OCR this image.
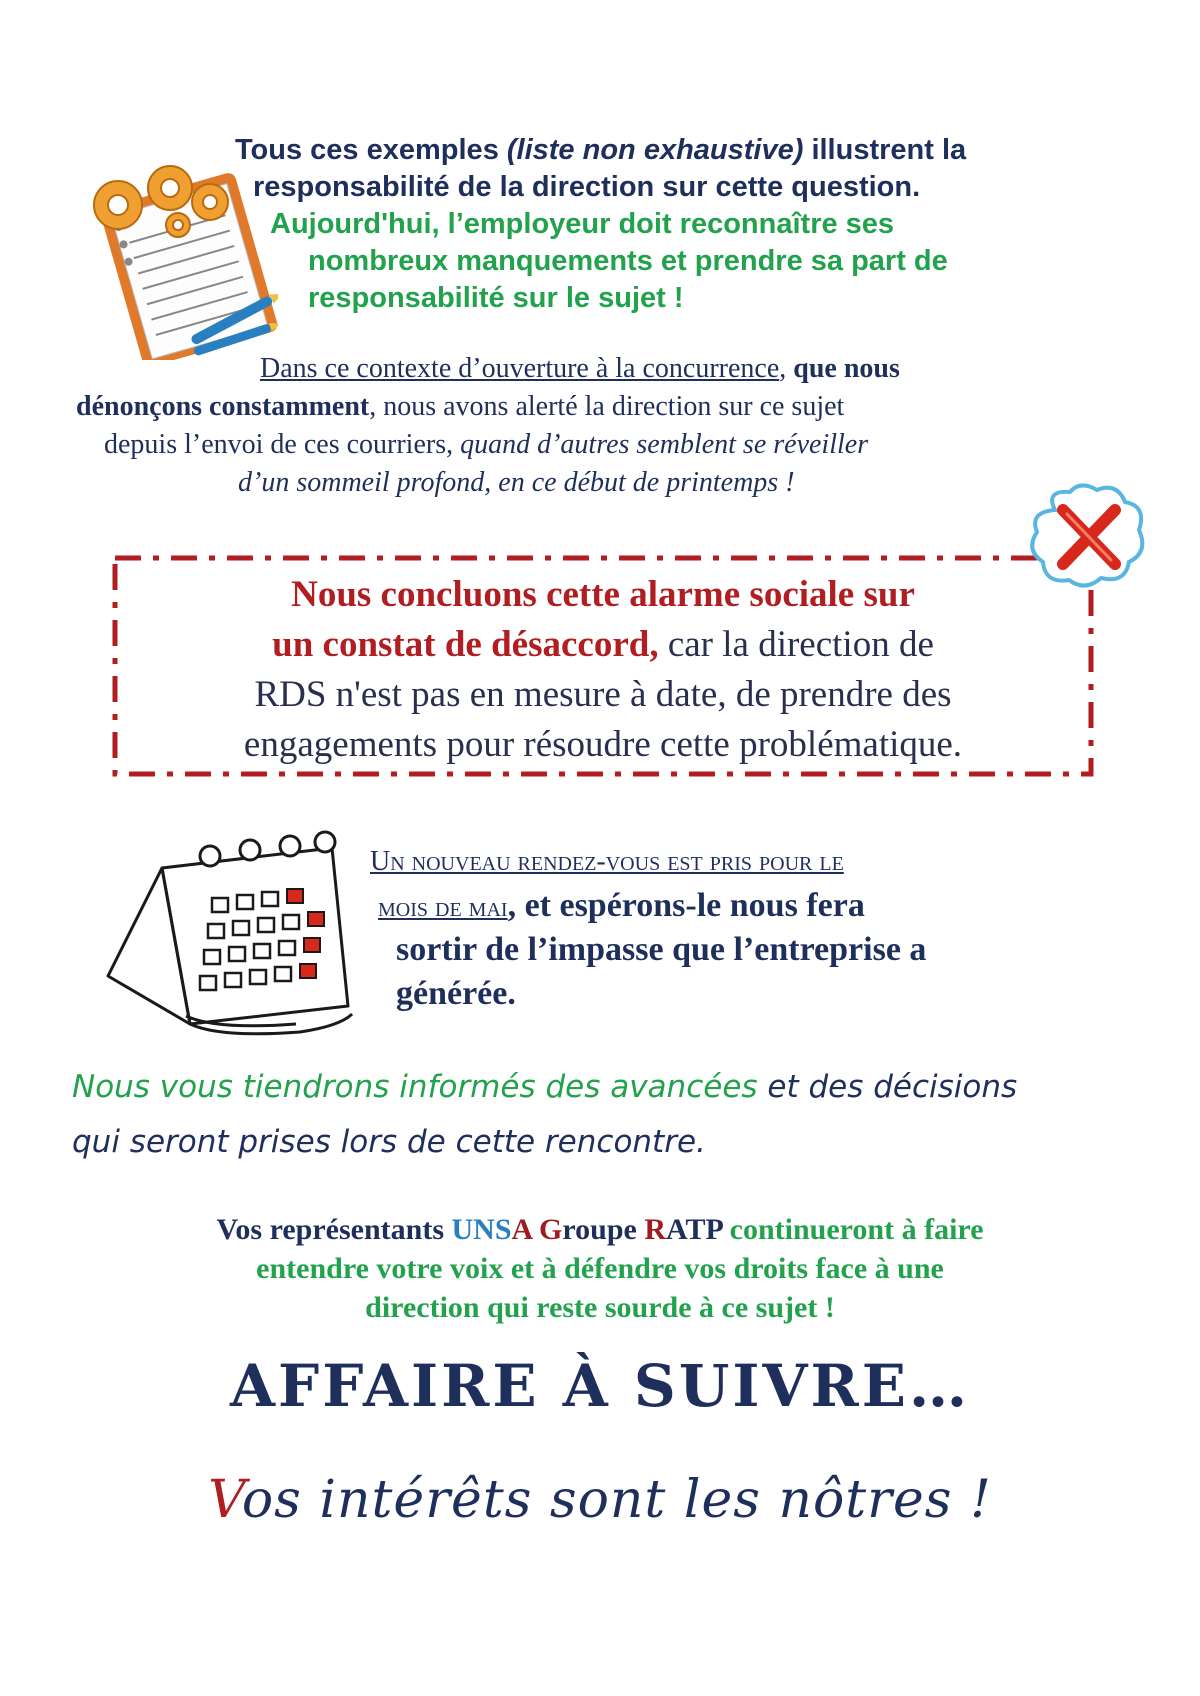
Tous ces exemples (liste non exhaustive) illustrent la
responsabilité de la direction sur cette question.
Aujourd'hui, l’employeur doit reconnaître ses
nombreux manquements et prendre sa part de
responsabilité sur le sujet !
Dans ce contexte d’ouverture à la concurrence, que nous
dénonçons constamment, nous avons alerté la direction sur ce sujet
depuis l’envoi de ces courriers, quand d’autres semblent se réveiller
d’un sommeil profond, en ce début de printemps !
Nous concluons cette alarme sociale sur
un constat de désaccord, car la direction de
RDS n'est pas en mesure à date, de prendre des
engagements pour résoudre cette problématique.
Un nouveau rendez-vous est pris pour le
mois de mai, et espérons-le nous fera
sortir de l’impasse que l’entreprise a
générée.
Nous vous tiendrons informés des avancées et des décisions
qui seront prises lors de cette rencontre.
Vos représentants UNSA Groupe RATP continueront à faire
entendre votre voix et à défendre vos droits face à une
direction qui reste sourde à ce sujet !
AFFAIRE À SUIVRE…
Vos intérêts sont les nôtres !
